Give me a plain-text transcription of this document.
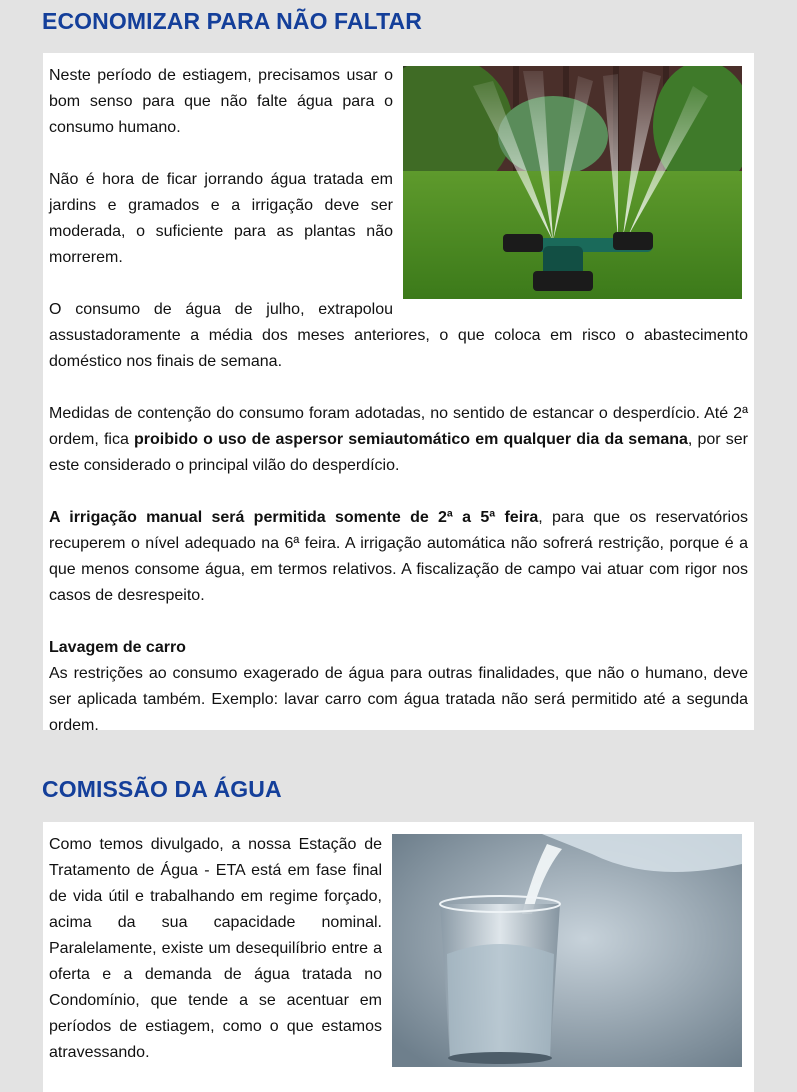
ECONOMIZAR PARA NÃO FALTAR

Neste período de estiagem, precisamos usar o bom senso para que não falte água para o consumo humano.

Não é hora de ficar jorrando água tratada em jardins e gramados e a irrigação deve ser moderada, o suficiente para as plantas não morrerem.

O consumo de água de julho, extrapolou assustadoramente a média dos meses anteriores, o que coloca em risco o abastecimento doméstico nos finais de semana.

Medidas de contenção do consumo foram adotadas, no sentido de estancar o desperdício. Até 2ª ordem, fica proibido o uso de aspersor semiautomático em qualquer dia da semana, por ser este considerado o principal vilão do desperdício.

A irrigação manual será permitida somente de 2ª a 5ª feira, para que os reservatórios recuperem o nível adequado na 6ª feira. A irrigação automática não sofrerá restrição, porque é a que menos consome água, em termos relativos. A fiscalização de campo vai atuar com rigor nos casos de desrespeito.

Lavagem de carro

As restrições ao consumo exagerado de água para outras finalidades, que não o humano, deve ser aplicada também. Exemplo: lavar carro com água tratada não será permitido até a segunda ordem.

COMISSÃO DA ÁGUA

Como temos divulgado, a nossa Estação de Tratamento de Água - ETA está em fase final de vida útil e trabalhando em regime forçado, acima da sua capacidade nominal. Paralelamente, existe um desequilíbrio entre a oferta e a demanda de água tratada no Condomínio, que tende a se acentuar em períodos de estiagem, como o que estamos atravessando.
